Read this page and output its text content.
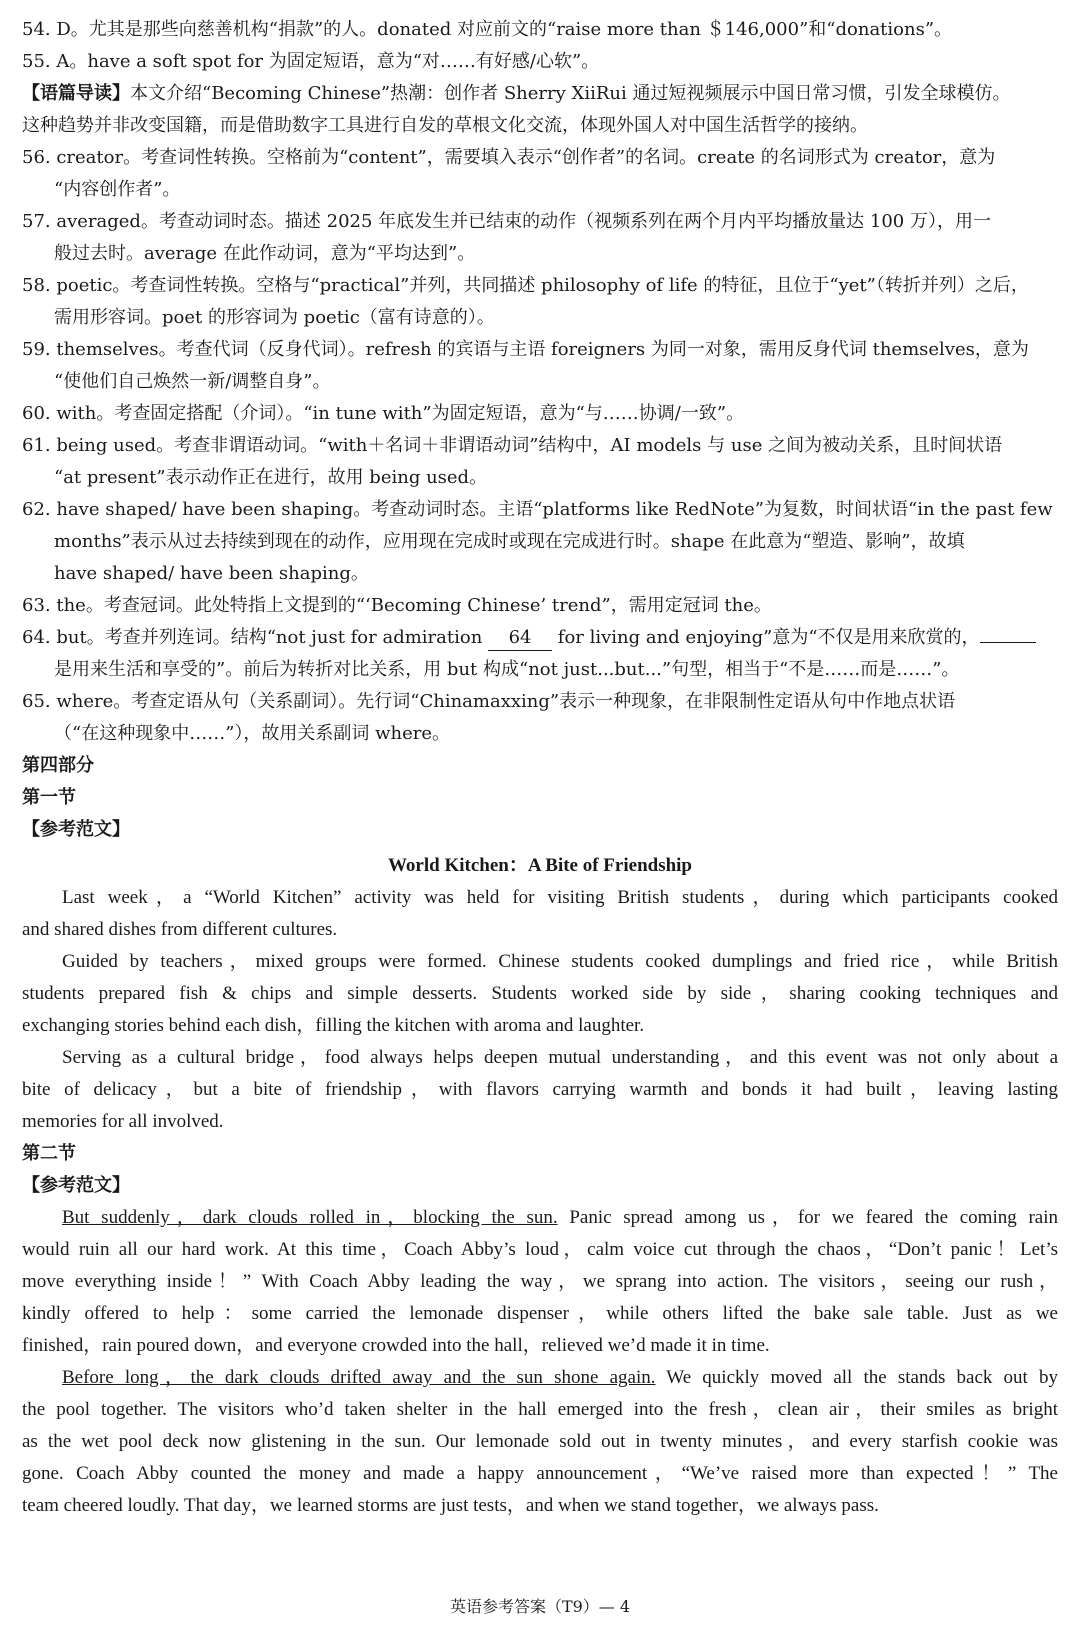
54. D。尤其是那些向慈善机构“捐款”的人。donated 对应前文的“raise more than ＄146,000”和“donations”。
55. A。have a soft spot for 为固定短语，意为“对……有好感/心软”。
【语篇导读】本文介绍“Becoming Chinese”热潮：创作者 Sherry XiiRui 通过短视频展示中国日常习惯，引发全球模仿。
这种趋势并非改变国籍，而是借助数字工具进行自发的草根文化交流，体现外国人对中国生活哲学的接纳。
56. creator。考查词性转换。空格前为“content”，需要填入表示“创作者”的名词。create 的名词形式为 creator，意为
“内容创作者”。
57. averaged。考查动词时态。描述 2025 年底发生并已结束的动作（视频系列在两个月内平均播放量达 100 万），用一
般过去时。average 在此作动词，意为“平均达到”。
58. poetic。考查词性转换。空格与“practical”并列，共同描述 philosophy of life 的特征，且位于“yet”（转折并列）之后，
需用形容词。poet 的形容词为 poetic（富有诗意的）。
59. themselves。考查代词（反身代词）。refresh 的宾语与主语 foreigners 为同一对象，需用反身代词 themselves，意为
“使他们自己焕然一新/调整自身”。
60. with。考查固定搭配（介词）。“in tune with”为固定短语，意为“与……协调/一致”。
61. being used。考查非谓语动词。“with＋名词＋非谓语动词”结构中，AI models 与 use 之间为被动关系，且时间状语
“at present”表示动作正在进行，故用 being used。
62. have shaped/ have been shaping。考查动词时态。主语“platforms like RedNote”为复数，时间状语“in the past few
months”表示从过去持续到现在的动作，应用现在完成时或现在完成进行时。shape 在此意为“塑造、影响”，故填
have shaped/ have been shaping。
63. the。考查冠词。此处特指上文提到的“‘Becoming Chinese’ trend”，需用定冠词 the。
64. but。考查并列连词。结构“not just for admiration 64 for living and enjoying”意为“不仅是用来欣赏的，
是用来生活和享受的”。前后为转折对比关系，用 but 构成“not just...but...”句型，相当于“不是……而是……”。
65. where。考查定语从句（关系副词）。先行词“Chinamaxxing”表示一种现象，在非限制性定语从句中作地点状语
（“在这种现象中……”），故用关系副词 where。
第四部分
第一节
【参考范文】
World Kitchen：A Bite of Friendship
Last week，a “World Kitchen” activity was held for visiting British students，during which participants cooked
and shared dishes from different cultures.
Guided by teachers，mixed groups were formed. Chinese students cooked dumplings and fried rice，while British
students prepared fish & chips and simple desserts. Students worked side by side，sharing cooking techniques and
exchanging stories behind each dish，filling the kitchen with aroma and laughter.
Serving as a cultural bridge，food always helps deepen mutual understanding，and this event was not only about a
bite of delicacy，but a bite of friendship，with flavors carrying warmth and bonds it had built，leaving lasting
memories for all involved.
第二节
【参考范文】
But suddenly，dark clouds rolled in，blocking the sun. Panic spread among us，for we feared the coming rain
would ruin all our hard work. At this time，Coach Abby’s loud，calm voice cut through the chaos，“Don’t panic！Let’s
move everything inside！” With Coach Abby leading the way，we sprang into action. The visitors，seeing our rush，
kindly offered to help：some carried the lemonade dispenser，while others lifted the bake sale table. Just as we
finished，rain poured down，and everyone crowded into the hall，relieved we’d made it in time.
Before long，the dark clouds drifted away and the sun shone again. We quickly moved all the stands back out by
the pool together. The visitors who’d taken shelter in the hall emerged into the fresh，clean air，their smiles as bright
as the wet pool deck now glistening in the sun. Our lemonade sold out in twenty minutes，and every starfish cookie was
gone. Coach Abby counted the money and made a happy announcement，“We’ve raised more than expected！” The
team cheered loudly. That day，we learned storms are just tests，and when we stand together，we always pass.
英语参考答案（T9）— 4
